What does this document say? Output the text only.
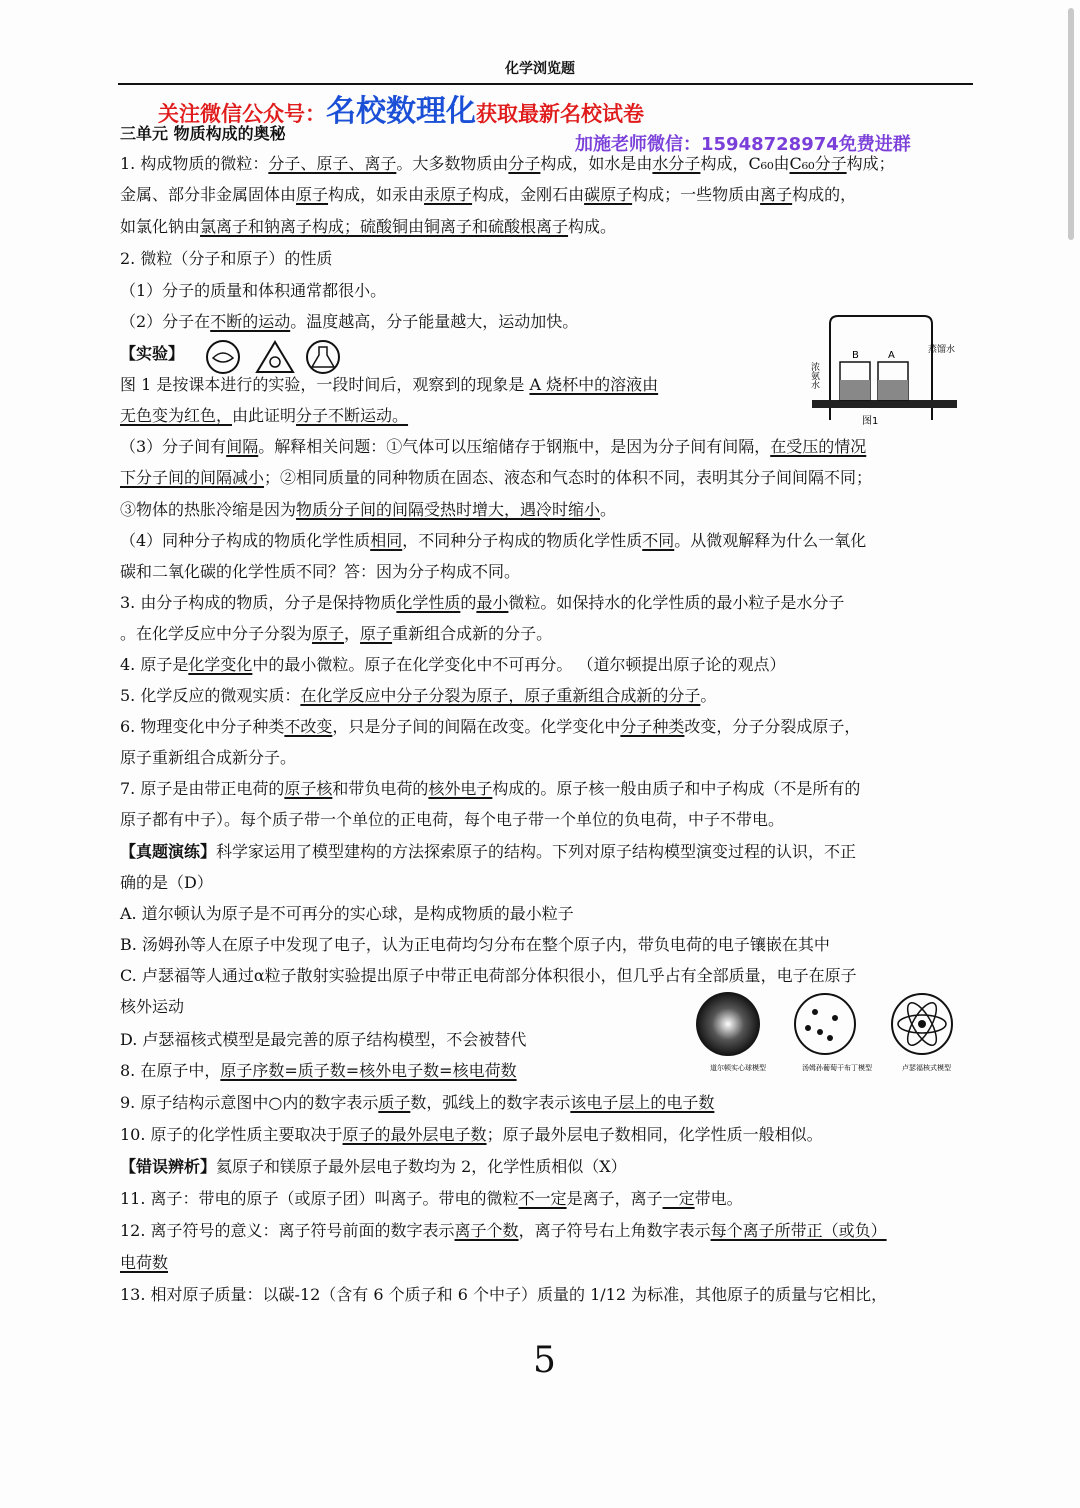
化学浏览题
关注微信公众号：名校数理化获取最新名校试卷
加施老师微信：15948728974免费进群
三单元 物质构成的奥秘
1. 构成物质的微粒：分子、原子、离子。大多数物质由分子构成，如水是由水分子构成，C₆₀由C₆₀分子构成；
金属、部分非金属固体由原子构成，如汞由汞原子构成，金刚石由碳原子构成；一些物质由离子构成的，
如氯化钠由氯离子和钠离子构成；硫酸铜由铜离子和硫酸根离子构成。
2. 微粒（分子和原子）的性质
（1）分子的质量和体积通常都很小。
（2）分子在不断的运动。温度越高，分子能量越大，运动加快。
【实验】
图 1 是按课本进行的实验，一段时间后，观察到的现象是 A 烧杯中的溶液由
无色变为红色，由此证明分子不断运动。
B	A
浓氨水
蒸馏水
图1
（3）分子间有间隔。解释相关问题：①气体可以压缩储存于钢瓶中，是因为分子间有间隔，在受压的情况
下分子间的间隔减小；②相同质量的同种物质在固态、液态和气态时的体积不同，表明其分子间间隔不同；
③物体的热胀冷缩是因为物质分子间的间隔受热时增大，遇冷时缩小。
（4）同种分子构成的物质化学性质相同，不同种分子构成的物质化学性质不同。从微观解释为什么一氧化
碳和二氧化碳的化学性质不同？答：因为分子构成不同。
3. 由分子构成的物质，分子是保持物质化学性质的最小微粒。如保持水的化学性质的最小粒子是水分子
。在化学反应中分子分裂为原子，原子重新组合成新的分子。
4. 原子是化学变化中的最小微粒。原子在化学变化中不可再分。 （道尔顿提出原子论的观点）
5. 化学反应的微观实质：在化学反应中分子分裂为原子，原子重新组合成新的分子。
6. 物理变化中分子种类不改变，只是分子间的间隔在改变。化学变化中分子种类改变，分子分裂成原子，
原子重新组合成新分子。
7. 原子是由带正电荷的原子核和带负电荷的核外电子构成的。原子核一般由质子和中子构成（不是所有的
原子都有中子）。每个质子带一个单位的正电荷，每个电子带一个单位的负电荷，中子不带电。
【真题演练】科学家运用了模型建构的方法探索原子的结构。下列对原子结构模型演变过程的认识，不正
确的是（D）
A. 道尔顿认为原子是不可再分的实心球，是构成物质的最小粒子
B. 汤姆孙等人在原子中发现了电子，认为正电荷均匀分布在整个原子内，带负电荷的电子镶嵌在其中
C. 卢瑟福等人通过α粒子散射实验提出原子中带正电荷部分体积很小，但几乎占有全部质量，电子在原子
核外运动
D. 卢瑟福核式模型是最完善的原子结构模型，不会被替代
道尔顿实心球模型	汤姆孙葡萄干布丁模型	卢瑟福核式模型
8. 在原子中，原子序数=质子数=核外电子数=核电荷数
9. 原子结构示意图中○内的数字表示质子数，弧线上的数字表示该电子层上的电子数
10. 原子的化学性质主要取决于原子的最外层电子数；原子最外层电子数相同，化学性质一般相似。
【错误辨析】氦原子和镁原子最外层电子数均为 2，化学性质相似（X）
11. 离子：带电的原子（或原子团）叫离子。带电的微粒不一定是离子，离子一定带电。
12. 离子符号的意义：离子符号前面的数字表示离子个数，离子符号右上角数字表示每个离子所带正（或负）
电荷数
13. 相对原子质量：以碳-12（含有 6 个质子和 6 个中子）质量的 1/12 为标准，其他原子的质量与它相比，
5
